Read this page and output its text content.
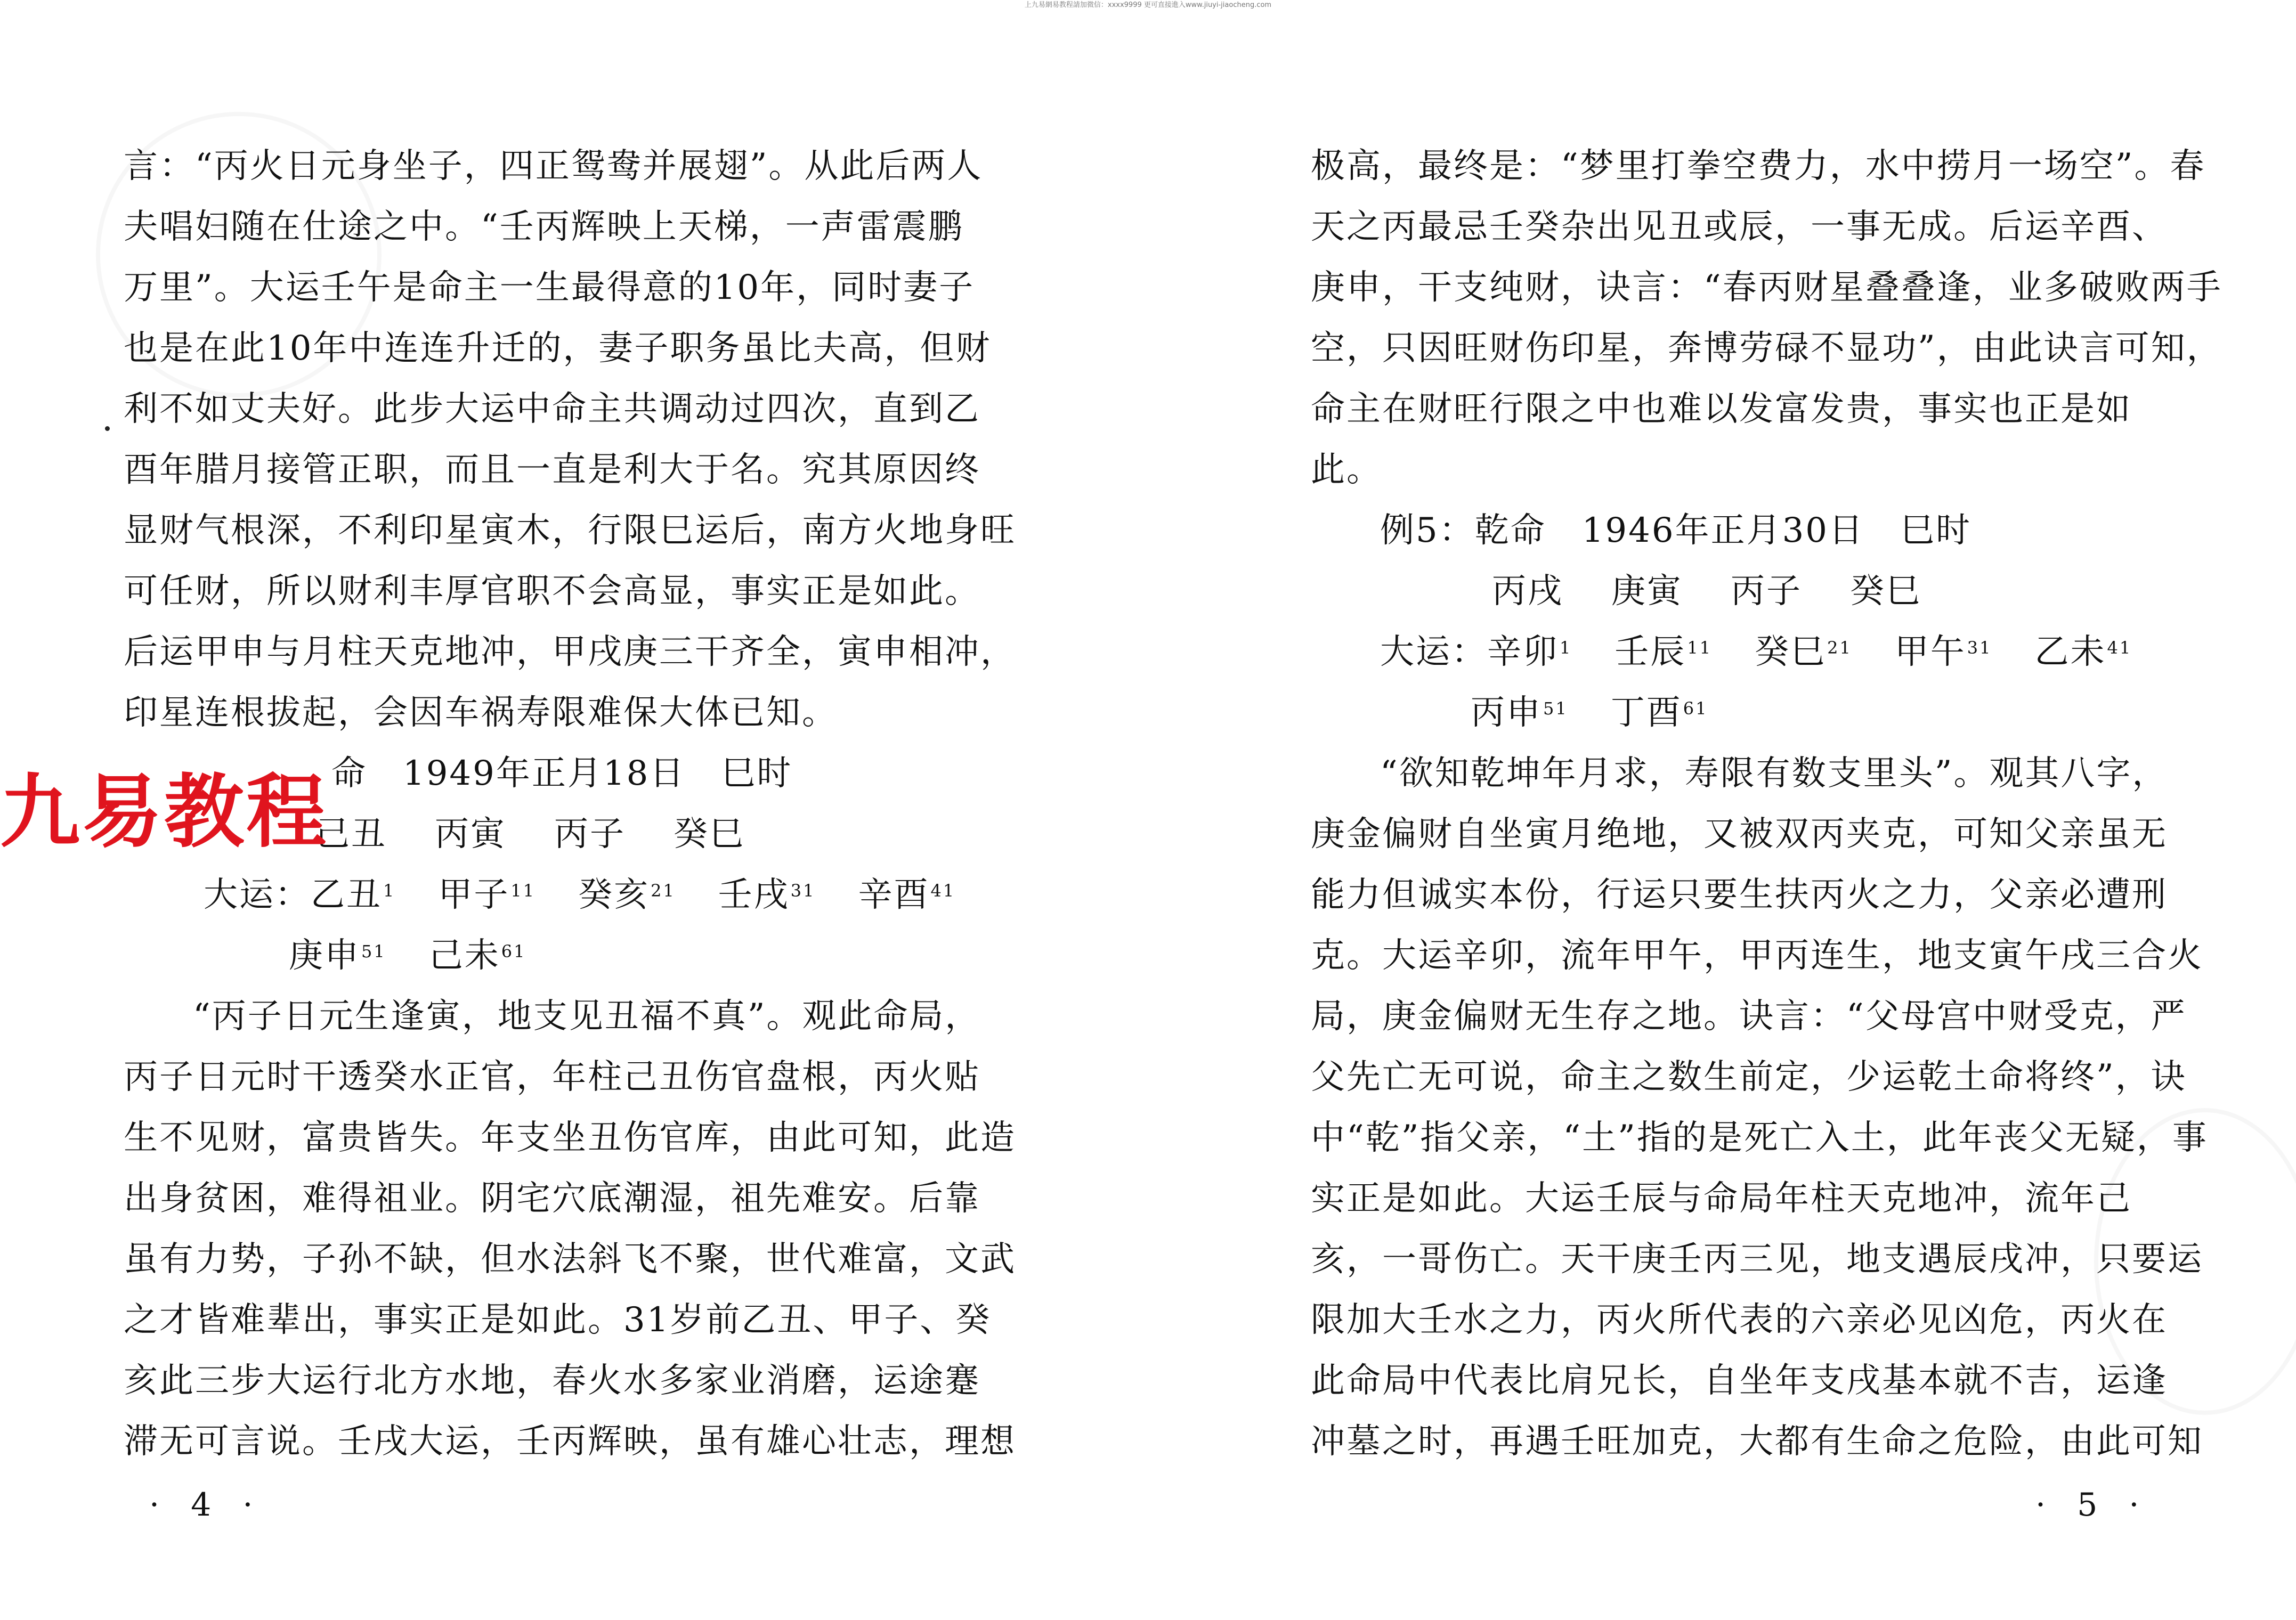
上九易網易教程請加微信：xxxx9999 更可直接進入www.jiuyi-jiaocheng.com
言：“丙火日元身坐子，四正鸳鸯并展翅”。从此后两人
夫唱妇随在仕途之中。“壬丙辉映上天梯，一声雷震鹏
万里”。大运壬午是命主一生最得意的10年，同时妻子
也是在此10年中连连升迁的，妻子职务虽比夫高，但财
利不如丈夫好。此步大运中命主共调动过四次，直到乙
酉年腊月接管正职，而且一直是利大于名。究其原因终
显财气根深，不利印星寅木，行限巳运后，南方火地身旺
可任财，所以财利丰厚官职不会高显，事实正是如此。
后运甲申与月柱天克地冲，甲戌庚三干齐全，寅申相冲，
印星连根拔起，会因车祸寿限难保大体已知。
命　1949年正月18日　巳时
己丑 丙寅 丙子 癸巳
大运：乙丑$^1$ 甲子$^{11}$ 癸亥$^{21}$ 壬戌$^{31}$ 辛酉$^{41}$
庚申$^{51}$ 己未$^{61}$
“丙子日元生逢寅，地支见丑福不真”。观此命局，
丙子日元时干透癸水正官，年柱己丑伤官盘根，丙火贴
生不见财，富贵皆失。年支坐丑伤官库，由此可知，此造
出身贫困，难得祖业。阴宅穴底潮湿，祖先难安。后靠
虽有力势，子孙不缺，但水法斜飞不聚，世代难富，文武
之才皆难辈出，事实正是如此。31岁前乙丑、甲子、癸
亥此三步大运行北方水地，春火水多家业消磨，运途蹇
滞无可言说。壬戌大运，壬丙辉映，虽有雄心壮志，理想
· 4 ·
极高，最终是：“梦里打拳空费力，水中捞月一场空”。春
天之丙最忌壬癸杂出见丑或辰，一事无成。后运辛酉、
庚申，干支纯财，诀言：“春丙财星叠叠逢，业多破败两手
空，只因旺财伤印星，奔博劳碌不显功”，由此诀言可知，
命主在财旺行限之中也难以发富发贵，事实也正是如
此。
例5：乾命　1946年正月30日　巳时
丙戌 庚寅 丙子 癸巳
大运：辛卯$^1$ 壬辰$^{11}$ 癸巳$^{21}$ 甲午$^{31}$ 乙未$^{41}$
丙申$^{51}$ 丁酉$^{61}$
“欲知乾坤年月求，寿限有数支里头”。观其八字，
庚金偏财自坐寅月绝地，又被双丙夹克，可知父亲虽无
能力但诚实本份，行运只要生扶丙火之力，父亲必遭刑
克。大运辛卯，流年甲午，甲丙连生，地支寅午戌三合火
局，庚金偏财无生存之地。诀言：“父母宫中财受克，严
父先亡无可说，命主之数生前定，少运乾土命将终”，诀
中“乾”指父亲，“土”指的是死亡入土，此年丧父无疑，事
实正是如此。大运壬辰与命局年柱天克地冲，流年己
亥，一哥伤亡。天干庚壬丙三见，地支遇辰戌冲，只要运
限加大壬水之力，丙火所代表的六亲必见凶危，丙火在
此命局中代表比肩兄长，自坐年支戌基本就不吉，运逢
冲墓之时，再遇壬旺加克，大都有生命之危险，由此可知
· 5 ·
九易教程
